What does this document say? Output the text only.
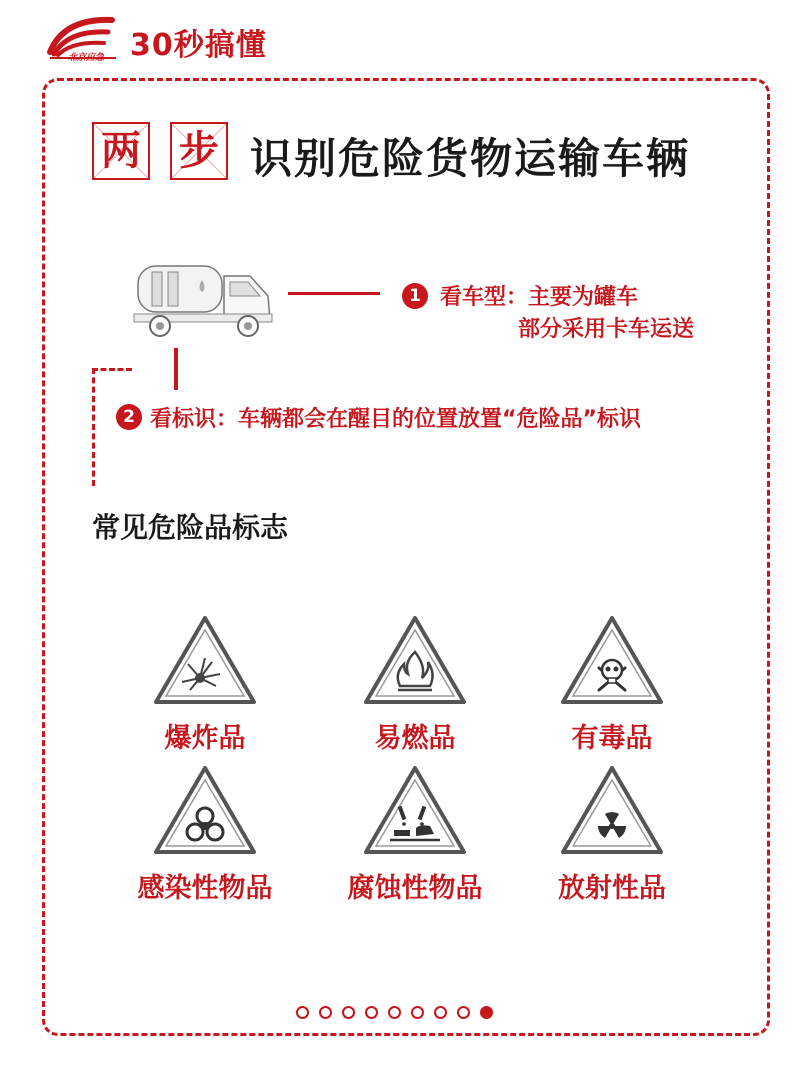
北京应急 30秒搞懂
两 步 识别危险货物运输车辆
1 看车型：主要为罐车
部分采用卡车运送
2 看标识：车辆都会在醒目的位置放置“危险品”标识
常见危险品标志
爆炸品	易燃品	有毒品
感染性物品	腐蚀性物品	放射性品
